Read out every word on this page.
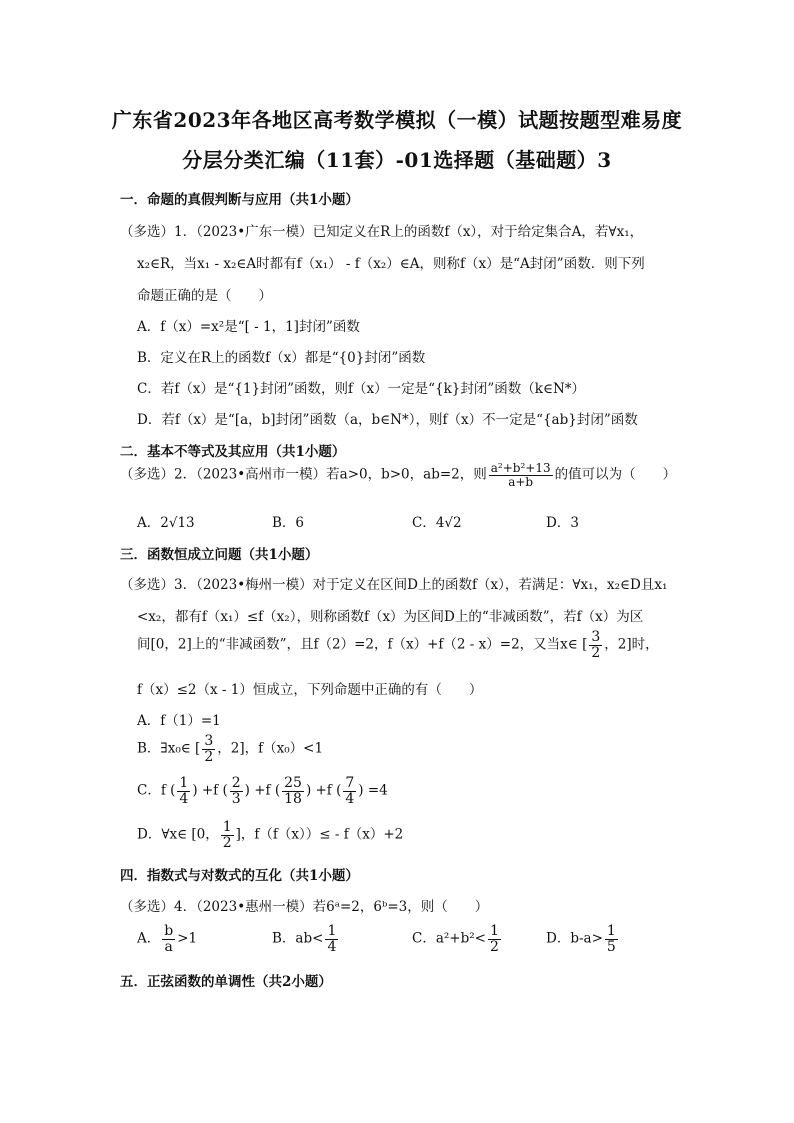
广东省2023年各地区高考数学模拟（一模）试题按题型难易度
分层分类汇编（11套）-01选择题（基础题）3
一．命题的真假判断与应用（共1小题）
（多选）1．（2023•广东一模）已知定义在R上的函数f（x），对于给定集合A，若∀x₁，
x₂∈R，当x₁ - x₂∈A时都有f（x₁） - f（x₂）∈A，则称f（x）是“A封闭”函数．则下列
命题正确的是（　　）
A．f（x）=x²是“[ - 1，1]封闭”函数
B．定义在R上的函数f（x）都是“{0}封闭”函数
C．若f（x）是“{1}封闭”函数，则f（x）一定是“{k}封闭”函数（k∈N*）
D．若f（x）是“[a，b]封闭”函数（a，b∈N*），则f（x）不一定是“{ab}封闭”函数
二．基本不等式及其应用（共1小题）
（多选）2．（2023•高州市一模）若a>0，b>0，ab=2，则 $\frac{\text{a²+b²+13}}{a+b}$ 的值可以为（　　）
A．2√13	B．6	C．4√2	D．3
三．函数恒成立问题（共1小题）
（多选）3．（2023•梅州一模）对于定义在区间D上的函数f（x），若满足：∀x₁，x₂∈D且x₁
<x₂，都有f（x₁）≤f（x₂），则称函数f（x）为区间D上的“非减函数”，若f（x）为区
间[0，2]上的“非减函数”，且f（2）=2，f（x）+f（2 - x）=2，又当x∈ [ $\frac{3}{2}$ ，2]时，
f（x）≤2（x - 1）恒成立，下列命题中正确的有（　　）
A．f（1）=1
B．∃x₀∈ [ $\frac{3}{2}$ ，2]，f（x₀）<1
C．f ( $\frac{1}{4}$ ) +f ( $\frac{2}{3}$ ) +f ( $\frac{25}{18}$ ) +f ( $\frac{7}{4}$ ) =4
D．∀x∈ [0， $\frac{1}{2}$ ]，f（f（x））≤ - f（x）+2
四．指数式与对数式的互化（共1小题）
（多选）4．（2023•惠州一模）若6ᵃ=2，6ᵇ=3，则（　　）
A． $\frac{b}{a} >1$	B．$ab< \frac{1}{4}$	C．$a^2+b^2< \frac{1}{2}$	D．$b-a> \frac{1}{5}$
五．正弦函数的单调性（共2小题）
